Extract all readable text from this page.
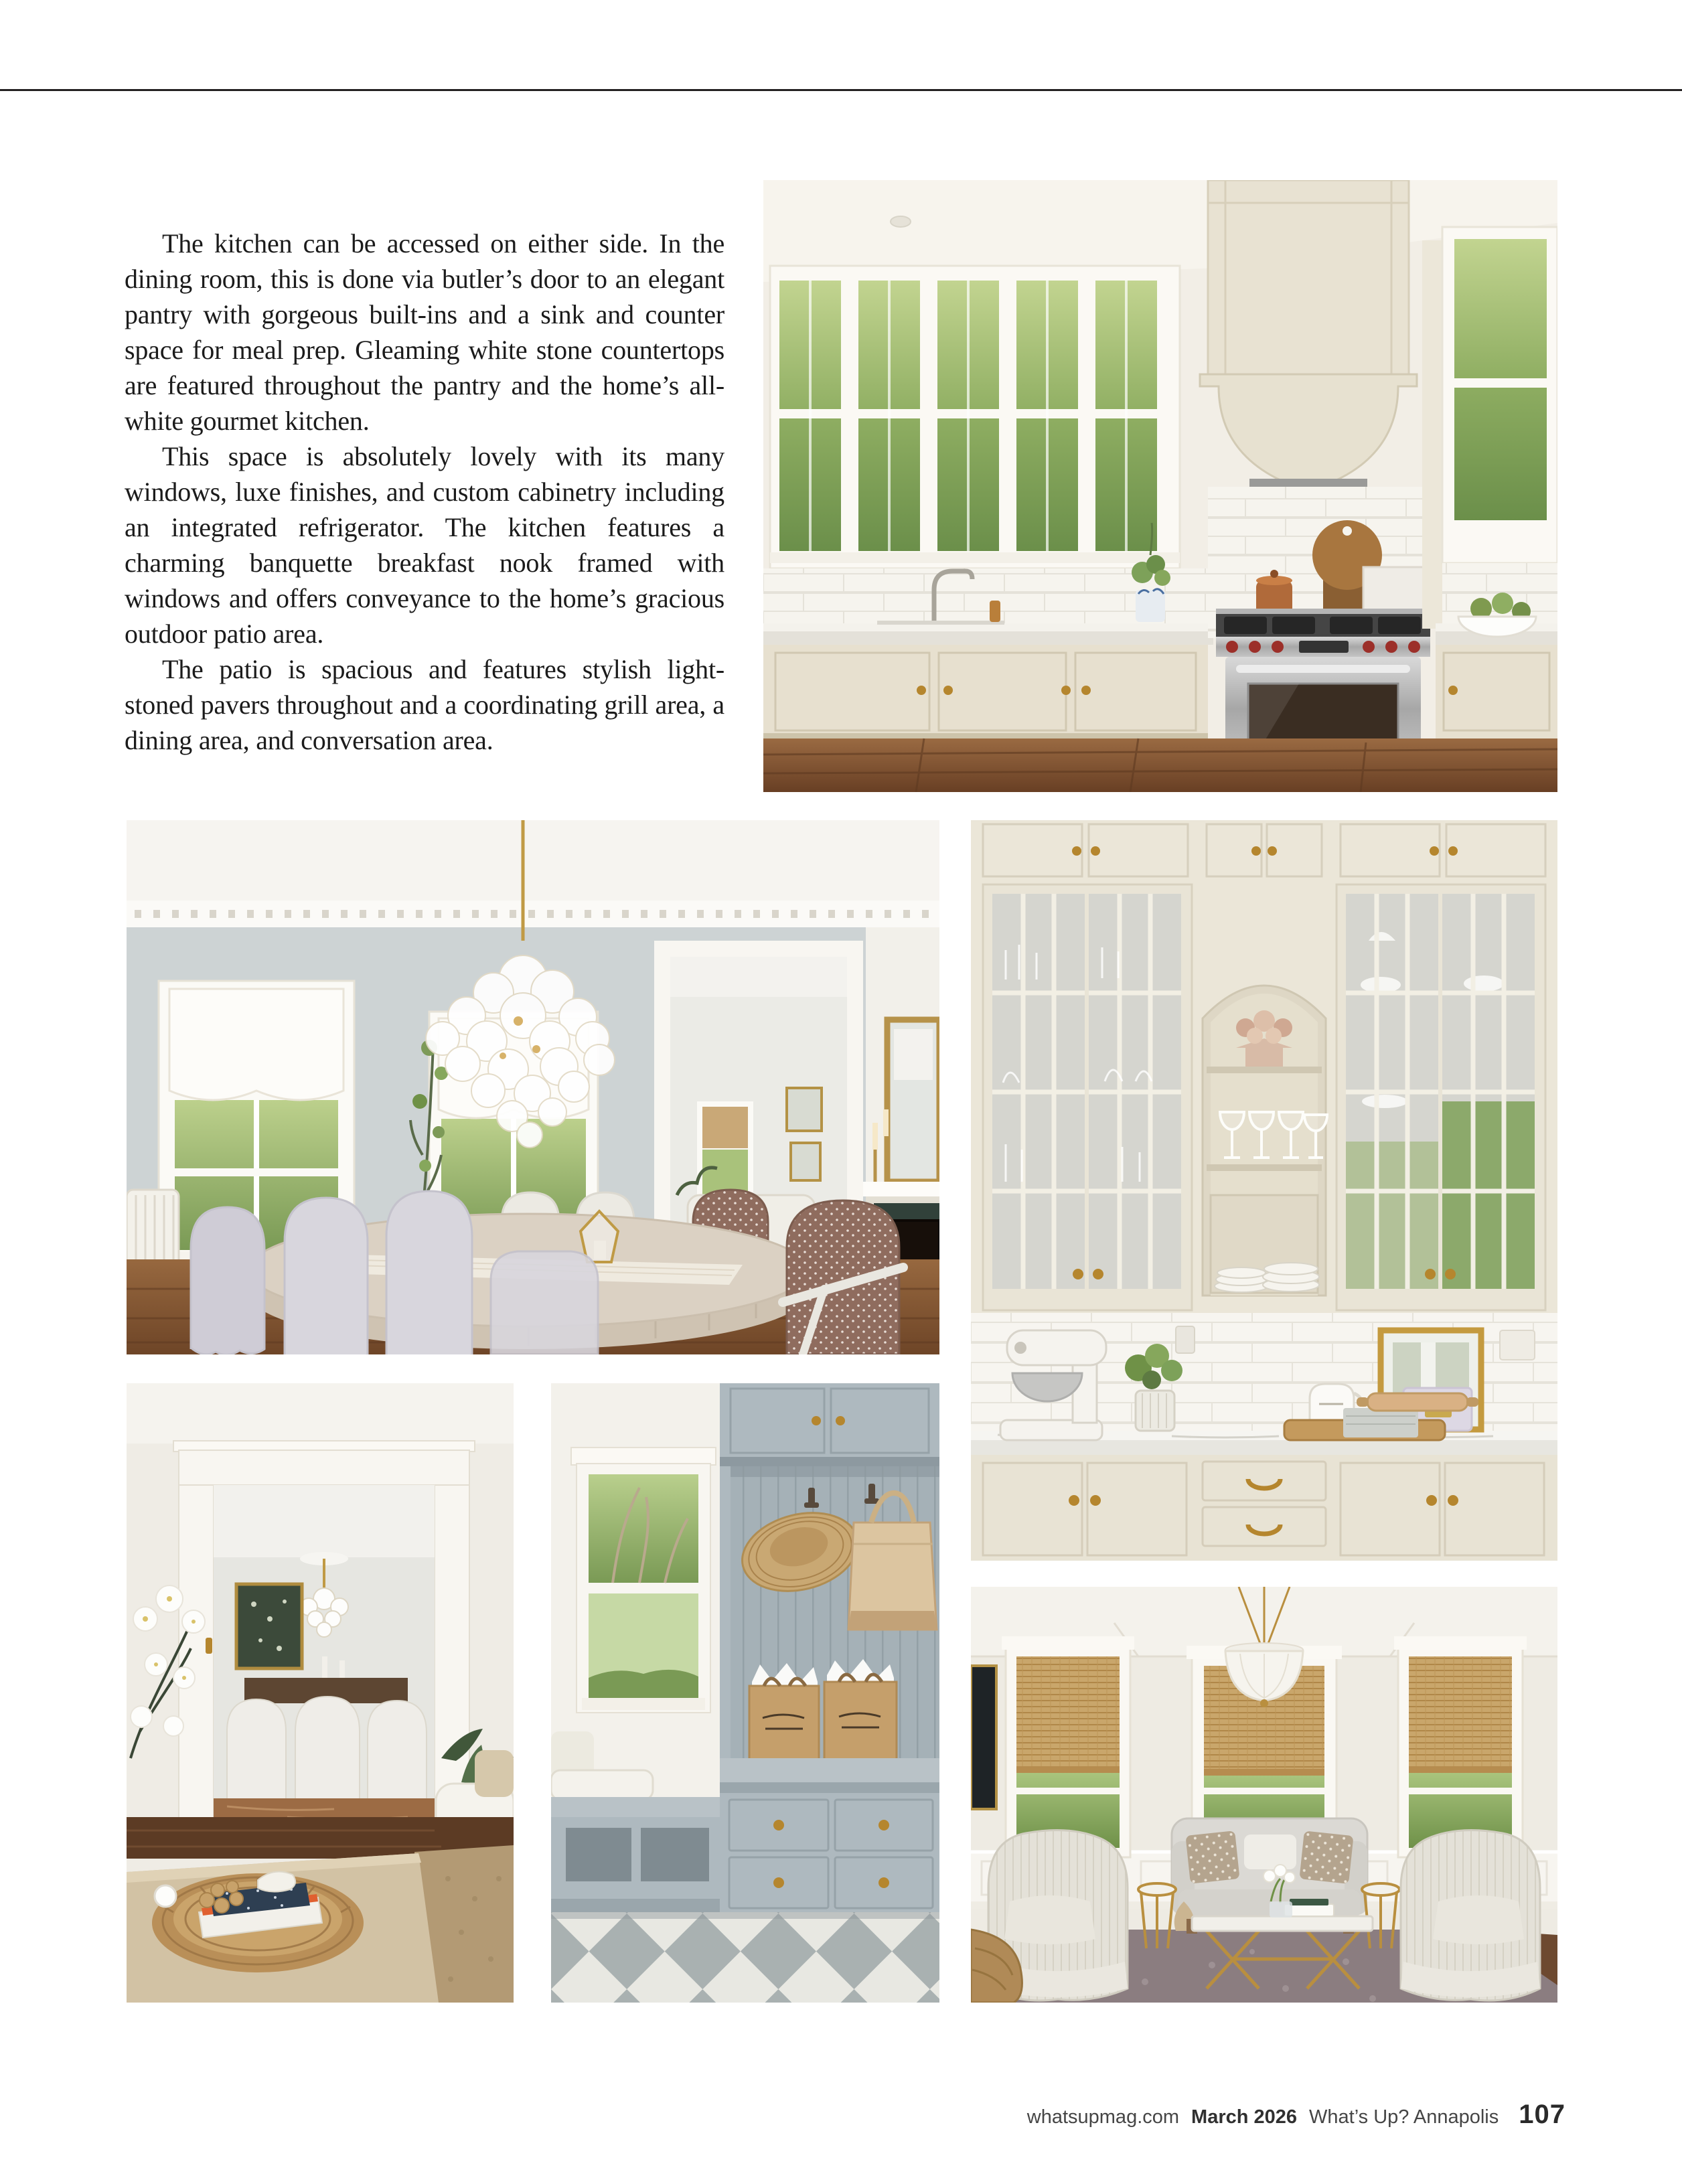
The kitchen can be accessed on either side. In the dining room, this is done via butler’s door to an elegant pantry with gorgeous built-ins and a sink and counter space for meal prep. Gleaming white stone countertops are featured throughout the pantry and the home’s all-white gourmet kitchen.

This space is absolutely lovely with its many windows, luxe finishes, and custom cabinetry including an integrated refrigerator. The kitchen features a charming banquette breakfast nook framed with windows and offers conveyance to the home’s gracious outdoor patio area.

The patio is spacious and features stylish light-stoned pavers throughout and a coordinating grill area, a dining area, and conversation area.

whatsupmag.com March 2026 What’s Up? Annapolis 107
